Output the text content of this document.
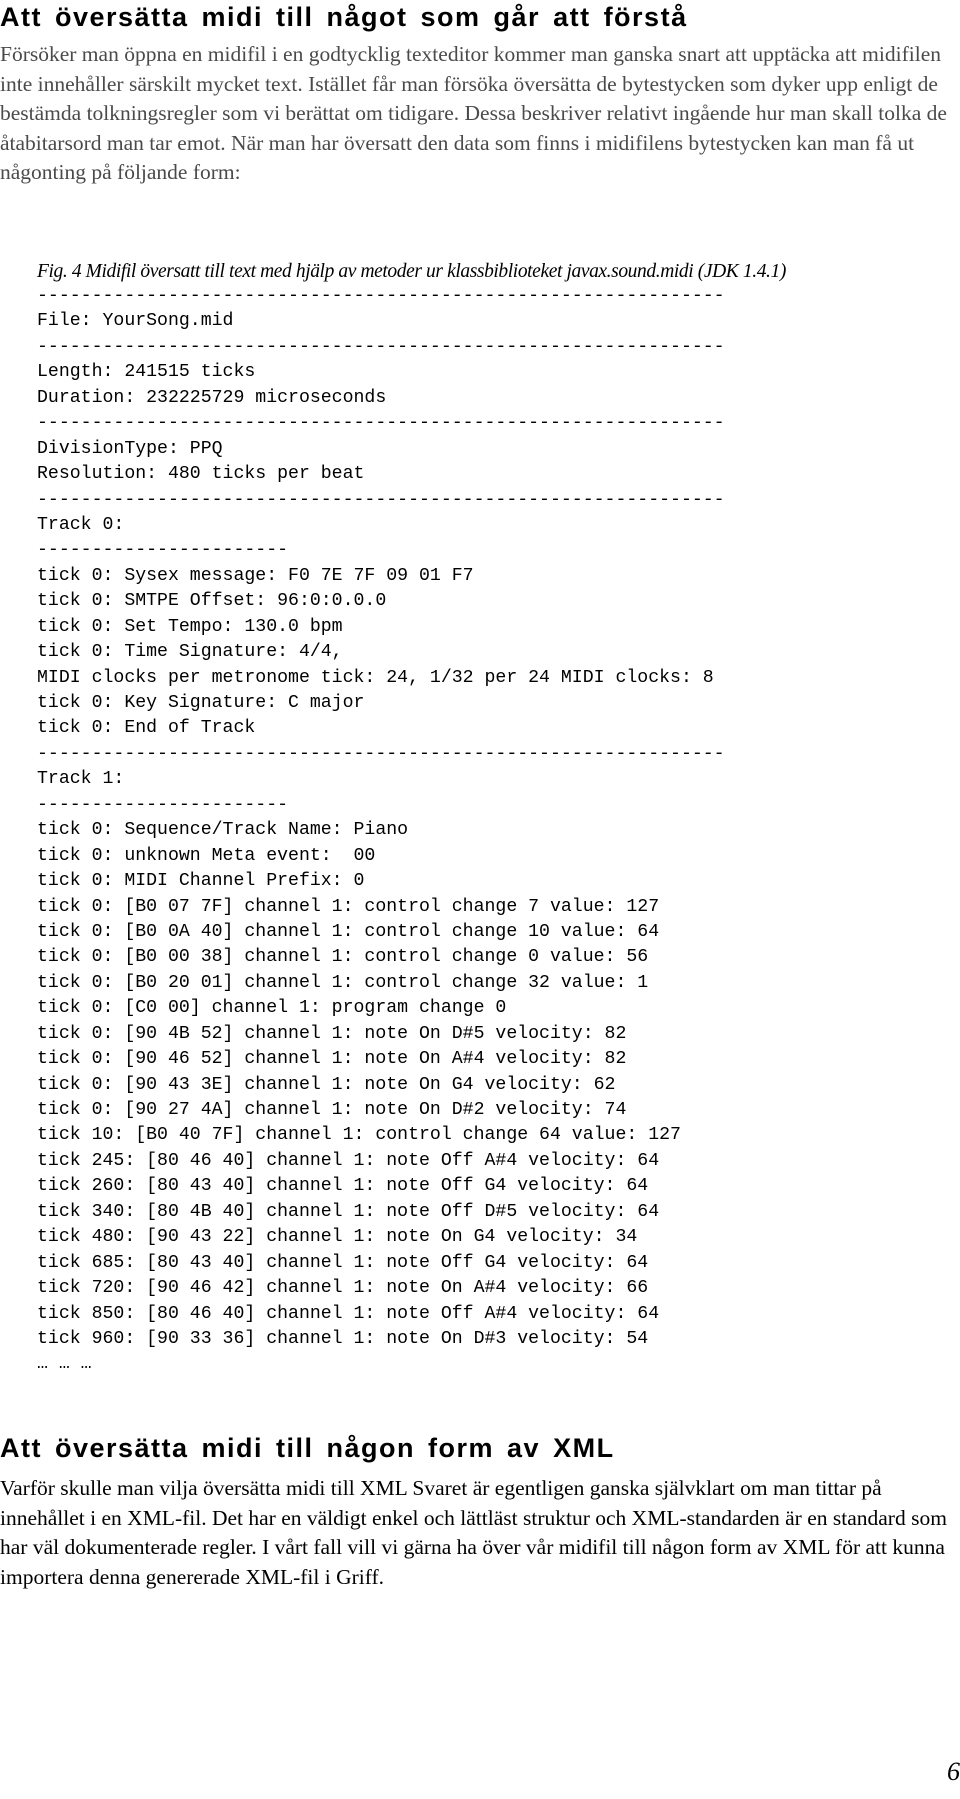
Att översätta midi till något som går att förstå

Försöker man öppna en midifil i en godtycklig texteditor kommer man ganska snart att upptäcka att midifilen inte innehåller särskilt mycket text. Istället får man försöka översätta de bytestycken som dyker upp enligt de bestämda tolkningsregler som vi berättat om tidigare. Dessa beskriver relativt ingående hur man skall tolka de åtabitarsord man tar emot. När man har översatt den data som finns i midifilens bytestycken kan man få ut någonting på följande form:

Fig. 4 Midifil översatt till text med hjälp av metoder ur klassbiblioteket javax.sound.midi (JDK 1.4.1)

---------------------------------------------------------------
File: YourSong.mid
---------------------------------------------------------------
Length: 241515 ticks
Duration: 232225729 microseconds
---------------------------------------------------------------
DivisionType: PPQ
Resolution: 480 ticks per beat
---------------------------------------------------------------
Track 0:
-----------------------
tick 0: Sysex message: F0 7E 7F 09 01 F7
tick 0: SMTPE Offset: 96:0:0.0.0
tick 0: Set Tempo: 130.0 bpm
tick 0: Time Signature: 4/4,
MIDI clocks per metronome tick: 24, 1/32 per 24 MIDI clocks: 8
tick 0: Key Signature: C major
tick 0: End of Track
---------------------------------------------------------------
Track 1:
-----------------------
tick 0: Sequence/Track Name: Piano
tick 0: unknown Meta event:  00
tick 0: MIDI Channel Prefix: 0
tick 0: [B0 07 7F] channel 1: control change 7 value: 127
tick 0: [B0 0A 40] channel 1: control change 10 value: 64
tick 0: [B0 00 38] channel 1: control change 0 value: 56
tick 0: [B0 20 01] channel 1: control change 32 value: 1
tick 0: [C0 00] channel 1: program change 0
tick 0: [90 4B 52] channel 1: note On D#5 velocity: 82
tick 0: [90 46 52] channel 1: note On A#4 velocity: 82
tick 0: [90 43 3E] channel 1: note On G4 velocity: 62
tick 0: [90 27 4A] channel 1: note On D#2 velocity: 74
tick 10: [B0 40 7F] channel 1: control change 64 value: 127
tick 245: [80 46 40] channel 1: note Off A#4 velocity: 64
tick 260: [80 43 40] channel 1: note Off G4 velocity: 64
tick 340: [80 4B 40] channel 1: note Off D#5 velocity: 64
tick 480: [90 43 22] channel 1: note On G4 velocity: 34
tick 685: [80 43 40] channel 1: note Off G4 velocity: 64
tick 720: [90 46 42] channel 1: note On A#4 velocity: 66
tick 850: [80 46 40] channel 1: note Off A#4 velocity: 64
tick 960: [90 33 36] channel 1: note On D#3 velocity: 54
… … …
Att översätta midi till någon form av XML

Varför skulle man vilja översätta midi till XML Svaret är egentligen ganska självklart om man tittar på innehållet i en XML-fil. Det har en väldigt enkel och lättläst struktur och XML-standarden är en standard som har väl dokumenterade regler. I vårt fall vill vi gärna ha över vår midifil till någon form av XML för att kunna importera denna genererade XML-fil i Griff.

6
